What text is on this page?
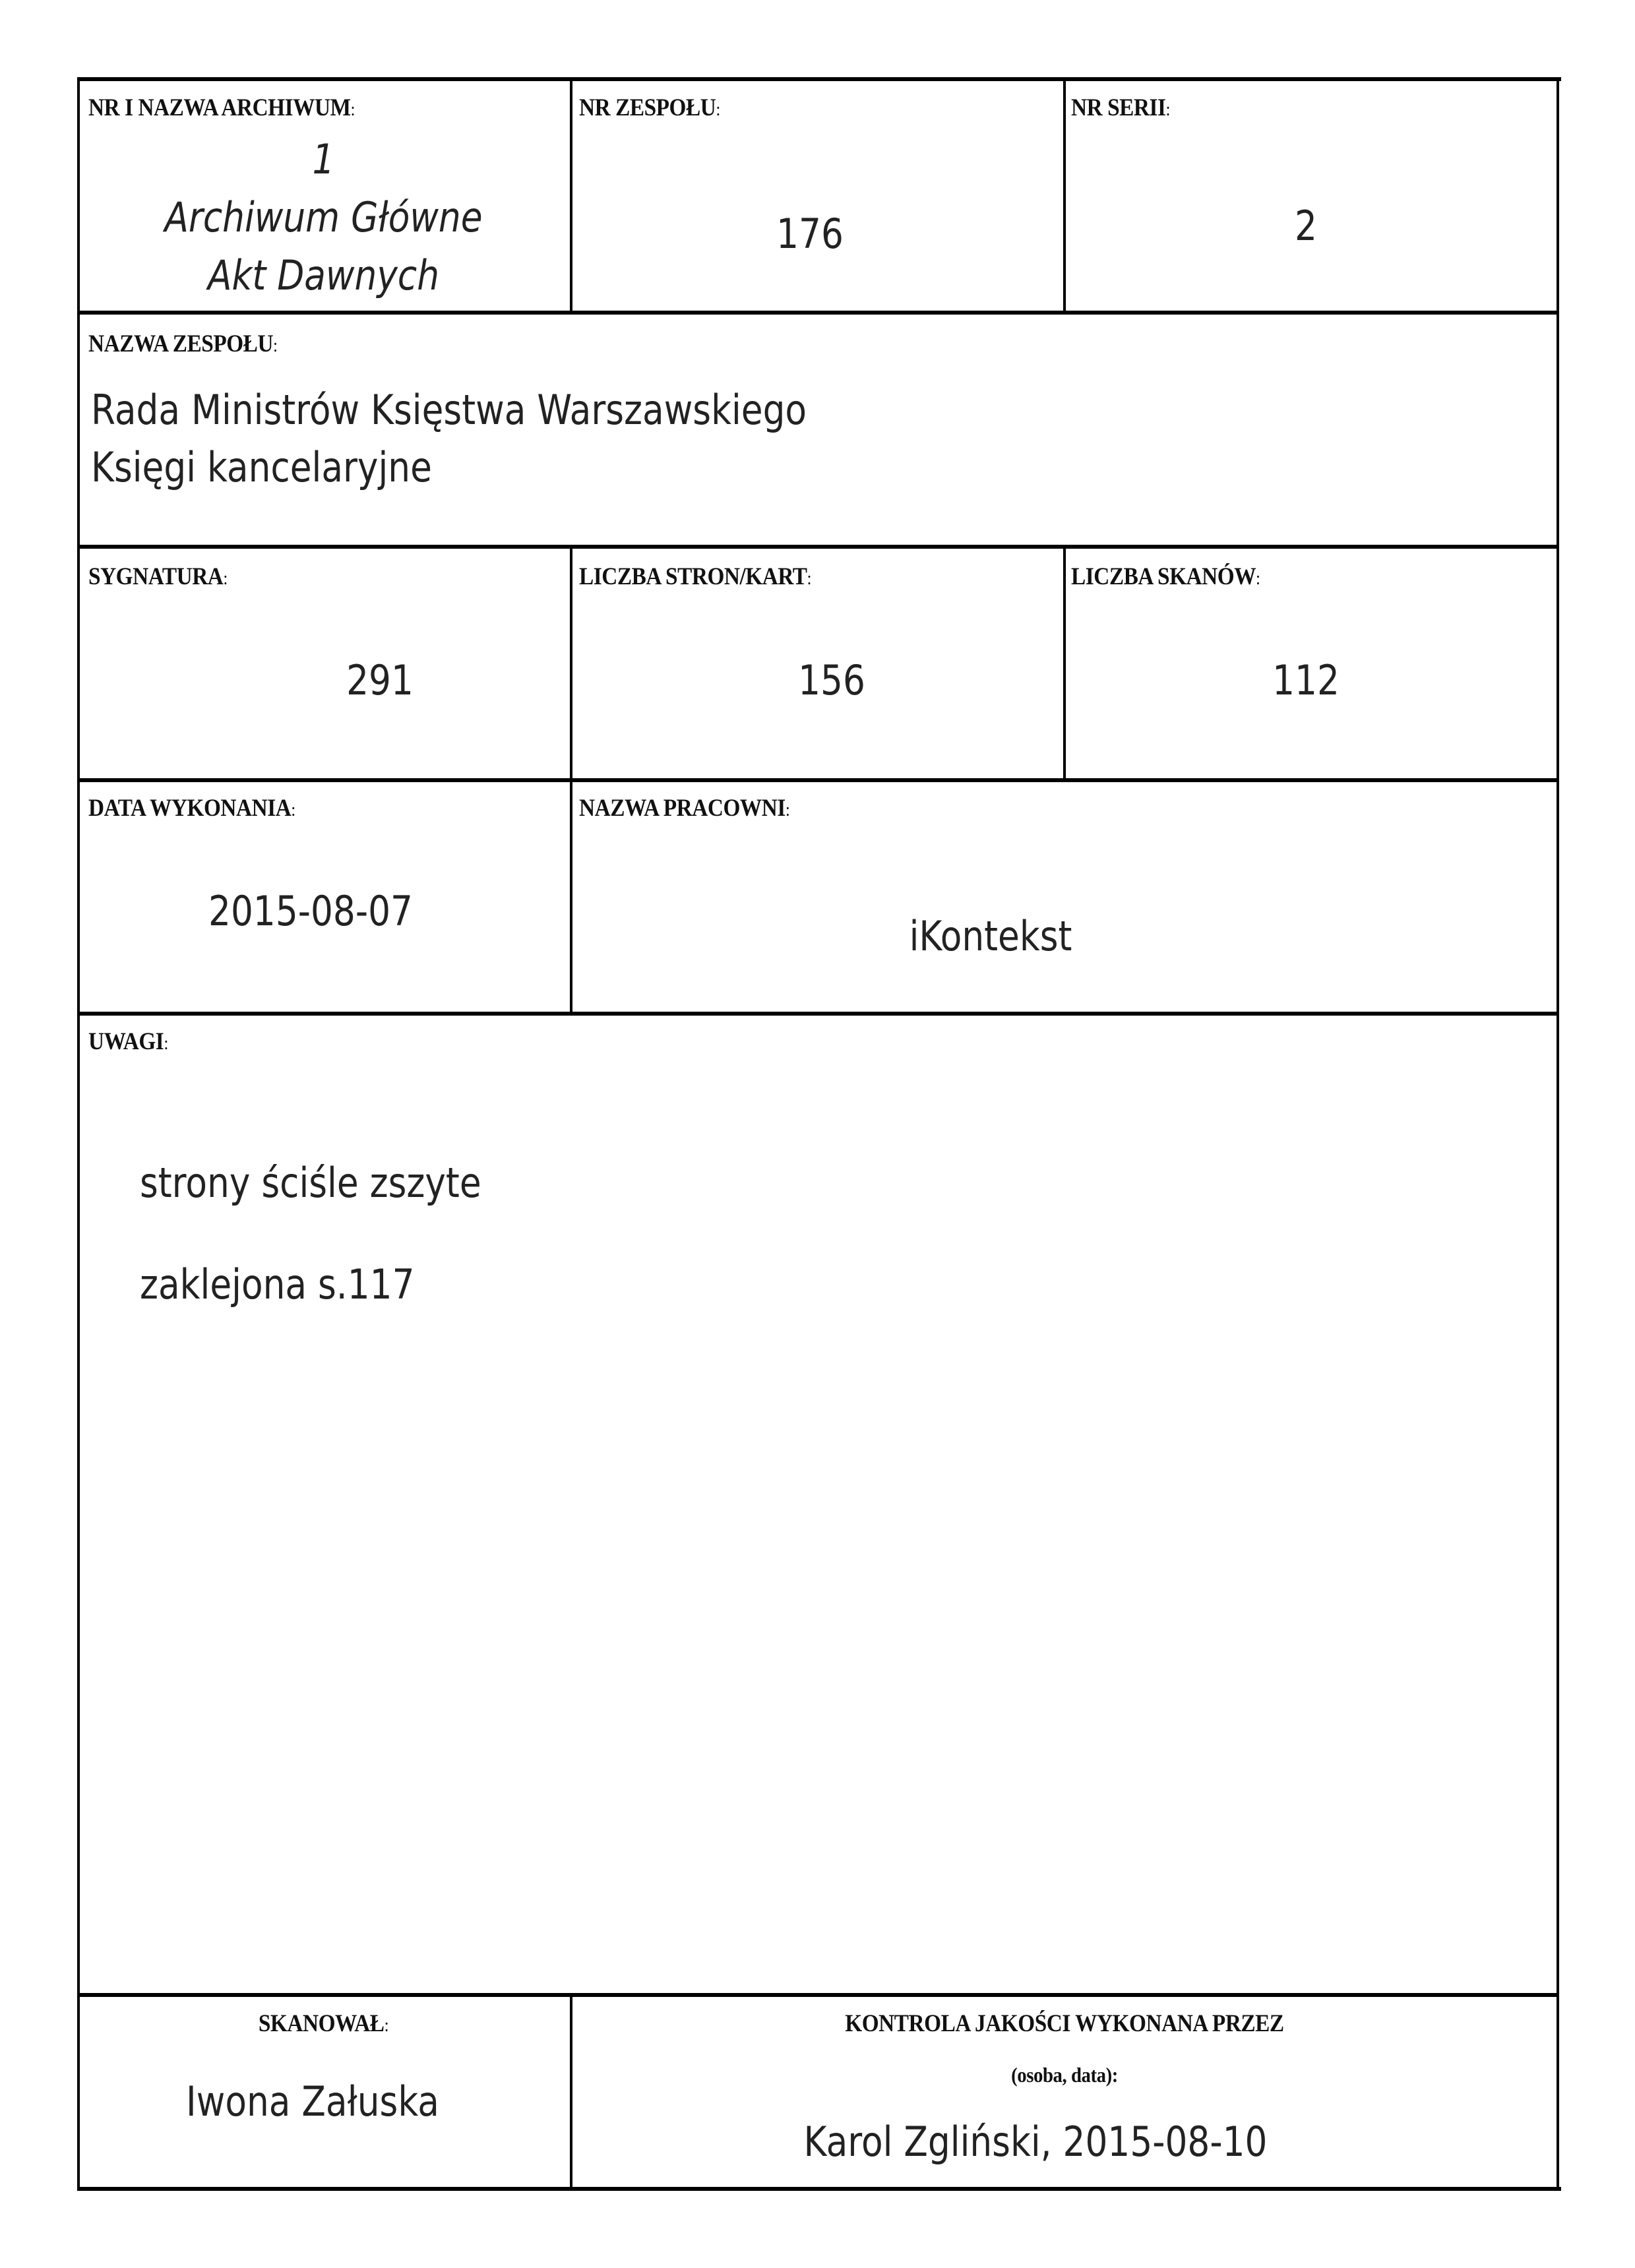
NR I NAZWA ARCHIWUM:
1
Archiwum Główne
Akt Dawnych
NR ZESPOŁU:
176
NR SERII:
2
NAZWA ZESPOŁU:
Rada Ministrów Księstwa Warszawskiego
Księgi kancelaryjne
SYGNATURA:
291
LICZBA STRON/KART:
156
LICZBA SKANÓW:
112
DATA WYKONANIA:
2015-08-07
NAZWA PRACOWNI:
iKontekst
UWAGI:
strony ściśle zszyte
zaklejona s.117
SKANOWAŁ:
Iwona Załuska
KONTROLA JAKOŚCI WYKONANA PRZEZ
(osoba, data):
Karol Zgliński, 2015-08-10
